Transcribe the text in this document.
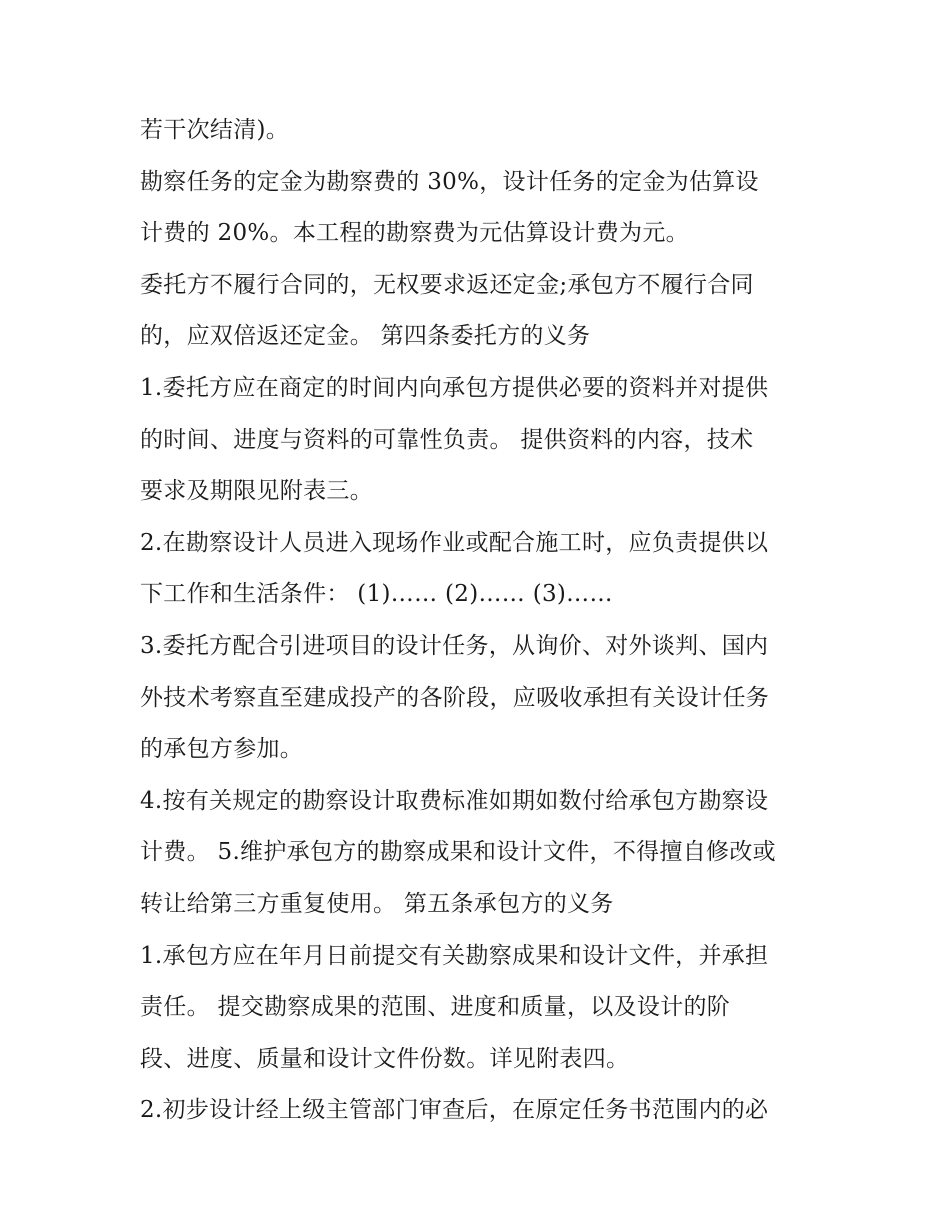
若干次结清)。
勘察任务的定金为勘察费的 30%，设计任务的定金为估算设
计费的 20%。本工程的勘察费为元估算设计费为元。
委托方不履行合同的，无权要求返还定金;承包方不履行合同
的，应双倍返还定金。 第四条委托方的义务
1.委托方应在商定的时间内向承包方提供必要的资料并对提供
的时间、进度与资料的可靠性负责。 提供资料的内容，技术
要求及期限见附表三。
2.在勘察设计人员进入现场作业或配合施工时，应负责提供以
下工作和生活条件： (1)…… (2)…… (3)……
3.委托方配合引进项目的设计任务，从询价、对外谈判、国内
外技术考察直至建成投产的各阶段，应吸收承担有关设计任务
的承包方参加。
4.按有关规定的勘察设计取费标准如期如数付给承包方勘察设
计费。 5.维护承包方的勘察成果和设计文件，不得擅自修改或
转让给第三方重复使用。 第五条承包方的义务
1.承包方应在年月日前提交有关勘察成果和设计文件，并承担
责任。 提交勘察成果的范围、进度和质量，以及设计的阶
段、进度、质量和设计文件份数。详见附表四。
2.初步设计经上级主管部门审查后，在原定任务书范围内的必
